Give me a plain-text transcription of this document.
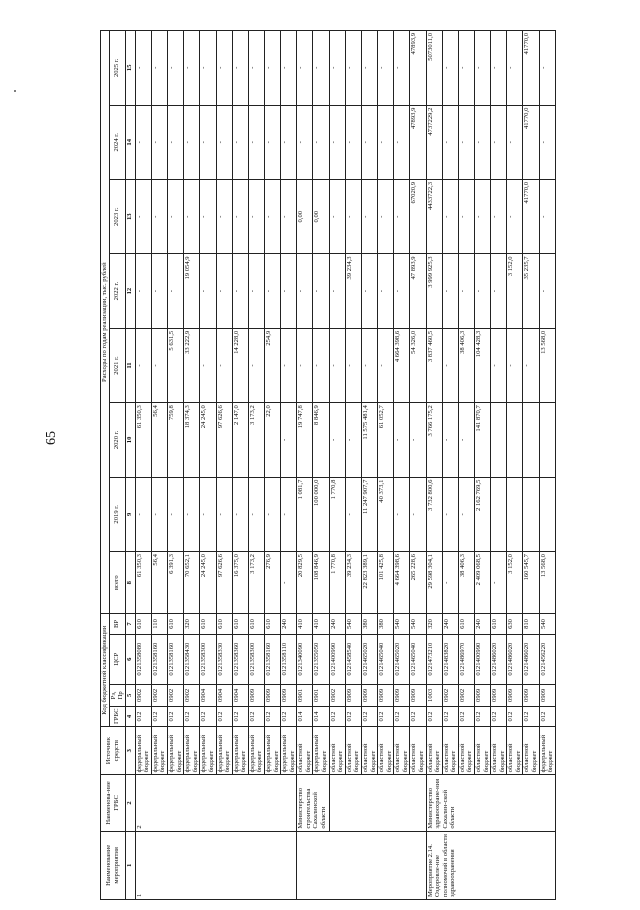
65
Наименование мероприятия	Наименова-ние ГРБС	Источник средств	Код бюджетной классификации				Расходы по годам реализации, тыс. рублей							
			ГРБС	Рз, Пр	ЦСР	ВР	всего	2019 г.	2020 г.	2021 г.	2022 г.	2023 г.	2024 г.	2025 г.

1	2	3	4	5	6	7	8	9	10	11	12	13	14	15
1	2	федеральный бюджет	012	0902	0121358080	610	61 350,3	-	61 350,3	-	-	-	-	-
		федеральный бюджет	012	0902	0121358160	110	56,4	-	56,4	-	-	-	-	-
		федеральный бюджет	012	0902	0121358160	610	6 391,3	-	759,8	5 631,5	-	-	-	-
		федеральный бюджет	012	0902	0121358430	320	70 652,1	-	18 374,3	33 222,9	19 054,9	-	-	-
		федеральный бюджет	012	0904	0121358300	610	24 245,0	-	24 245,0	-	-	-	-	-
		федеральный бюджет	012	0904	0121358330	610	97 626,6	-	97 626,6	-	-	-	-	-
		федеральный бюджет	012	0904	0121358360	610	16 375,0	-	2 147,0	14 228,0	-	-	-	-
		федеральный бюджет	012	0909	0121358300	610	3 173,2	-	3 173,2	-	-	-	-	-
		федеральный бюджет	012	0909	0121358160	610	276,9	-	22,0	254,9	-	-	-	-
		федеральный бюджет	012	0909	0121358110	240	-	-	-	-	-	-	-	-
	Министерство строительства Сахалинской области	областной бюджет	014	0901	0121340090	410	20 829,5	1 081,7	19 747,8	-	-	0,00	-	-
		федеральный бюджет	014	0901	0121355050	410	108 846,9	100 000,0	8 846,9	-	-	0,00	-	-
		областной бюджет	012	0902	0121400990	240	1 770,8	1 770,8	-	-	-	-	-	-
		областной бюджет	012	0909	0121458540	540	39 234,3	-	-	-	39 234,3	-	-	-
		областной бюджет	012	0909	0121465020	380	22 823 389,1	11 247 907,7	11 575 481,4	-	-	-	-	-
		областной бюджет	012	0909	0121465040	380	101 425,8	40 373,1	61 052,7	-	-	-	-	-
		областной бюджет	012	0909	0121465020	540	4 664 398,6	-	-	4 664 398,6	-	-	-	-
		областной бюджет	012	0909	0121465040	540	265 228,6	-	-	54 326,0	47 893,9	67020,9	47893,9	47893,9
Мероприятие 2.14. Оздоровле-ние полномочий в области здравоохранения	Министерство здравоохране-ния Сахалин-ской области	областной бюджет	012	1003	0121473210	320	29 598 304,1	3 732 800,6	3 766 175,2	3 837 460,5	3 999 925,3	4433722,3	4737229,2	5073011,0
		областной бюджет	012	0902	0121483820	240	-	-	-	-	-	-	-	-
		областной бюджет	012	0902	0121486970	610	38 406,3	-	-	38 406,3	-	-	-	-
		областной бюджет	012	0909	0121400990	240	2 409 068,5	2 162 769,5	141 870,7	104 428,3	-	-	-	-
		областной бюджет	012	0909	0121486020	610	-			-	-	-	-	-
		областной бюджет	012	0909	0121486020	630	3 152,0			-	3 152,0	-	-	-
		областной бюджет	012	0909	0121486020	810	160 545,7			-	35 235,7	41770,0	41770,0	41770,0
		федеральный бюджет	012	0909	0121456220	540	13 568,0			13 568,0	-	-	-	-
